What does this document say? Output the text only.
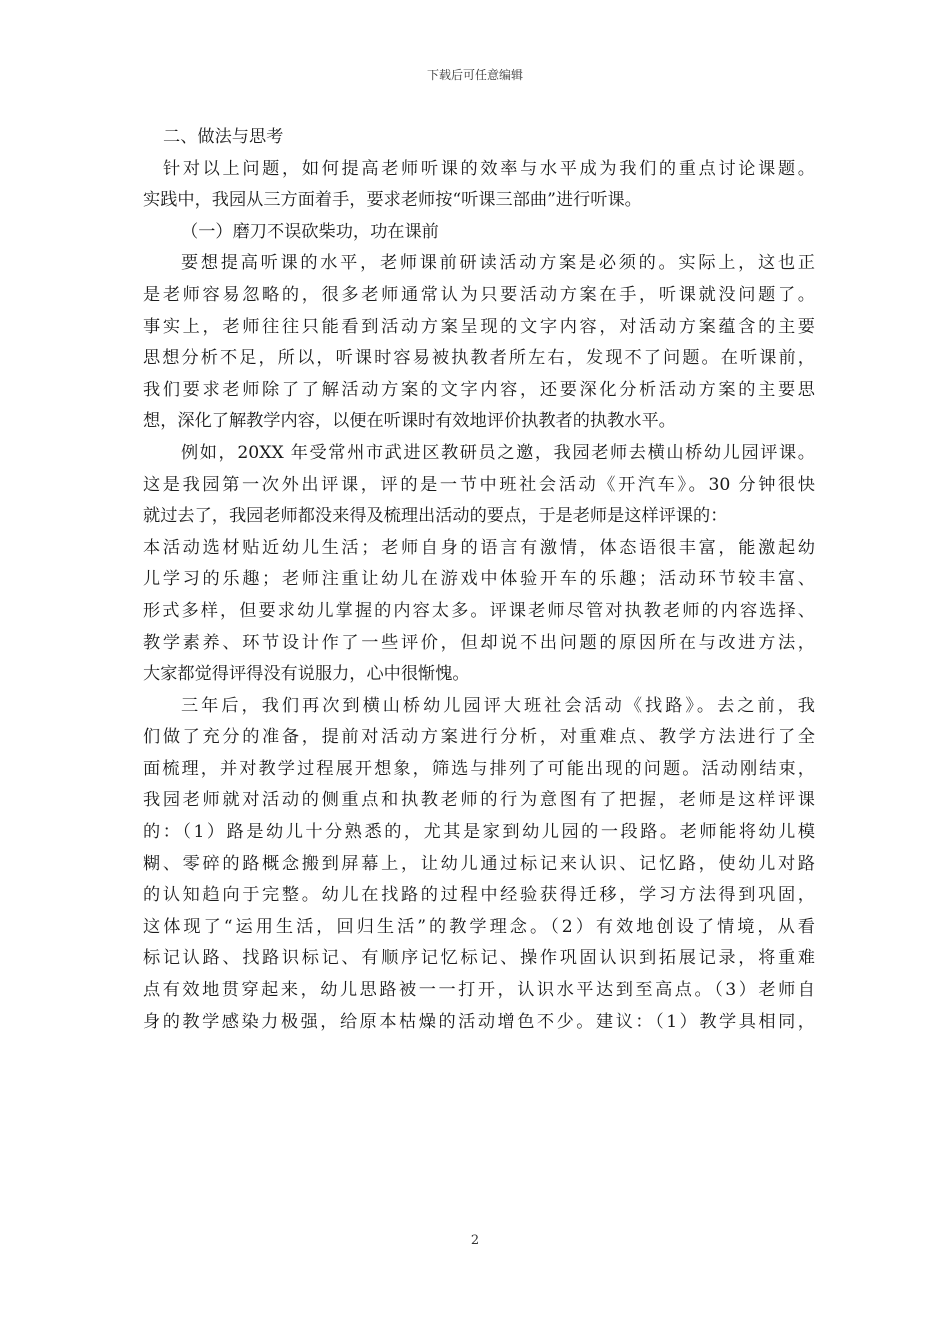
下载后可任意编辑
二、做法与思考
针对以上问题，如何提高老师听课的效率与水平成为我们的重点讨论课题。
实践中，我园从三方面着手，要求老师按“听课三部曲”进行听课。
（一）磨刀不误砍柴功，功在课前
要想提高听课的水平，老师课前研读活动方案是必须的。实际上，这也正
是老师容易忽略的，很多老师通常认为只要活动方案在手，听课就没问题了。
事实上，老师往往只能看到活动方案呈现的文字内容，对活动方案蕴含的主要
思想分析不足，所以，听课时容易被执教者所左右，发现不了问题。在听课前，
我们要求老师除了了解活动方案的文字内容，还要深化分析活动方案的主要思
想，深化了解教学内容，以便在听课时有效地评价执教者的执教水平。
例如，20XX 年受常州市武进区教研员之邀，我园老师去横山桥幼儿园评课。
这是我园第一次外出评课，评的是一节中班社会活动《开汽车》。30 分钟很快
就过去了，我园老师都没来得及梳理出活动的要点，于是老师是这样评课的：
本活动选材贴近幼儿生活；老师自身的语言有激情，体态语很丰富，能激起幼
儿学习的乐趣；老师注重让幼儿在游戏中体验开车的乐趣；活动环节较丰富、
形式多样，但要求幼儿掌握的内容太多。评课老师尽管对执教老师的内容选择、
教学素养、环节设计作了一些评价，但却说不出问题的原因所在与改进方法，
大家都觉得评得没有说服力，心中很惭愧。
三年后，我们再次到横山桥幼儿园评大班社会活动《找路》。去之前，我
们做了充分的准备，提前对活动方案进行分析，对重难点、教学方法进行了全
面梳理，并对教学过程展开想象，筛选与排列了可能出现的问题。活动刚结束，
我园老师就对活动的侧重点和执教老师的行为意图有了把握，老师是这样评课
的：（1）路是幼儿十分熟悉的，尤其是家到幼儿园的一段路。老师能将幼儿模
糊、零碎的路概念搬到屏幕上，让幼儿通过标记来认识、记忆路，使幼儿对路
的认知趋向于完整。幼儿在找路的过程中经验获得迁移，学习方法得到巩固，
这体现了“运用生活，回归生活”的教学理念。（2）有效地创设了情境，从看
标记认路、找路识标记、有顺序记忆标记、操作巩固认识到拓展记录，将重难
点有效地贯穿起来，幼儿思路被一一打开，认识水平达到至高点。（3）老师自
身的教学感染力极强，给原本枯燥的活动增色不少。建议：（1）教学具相同，
2
